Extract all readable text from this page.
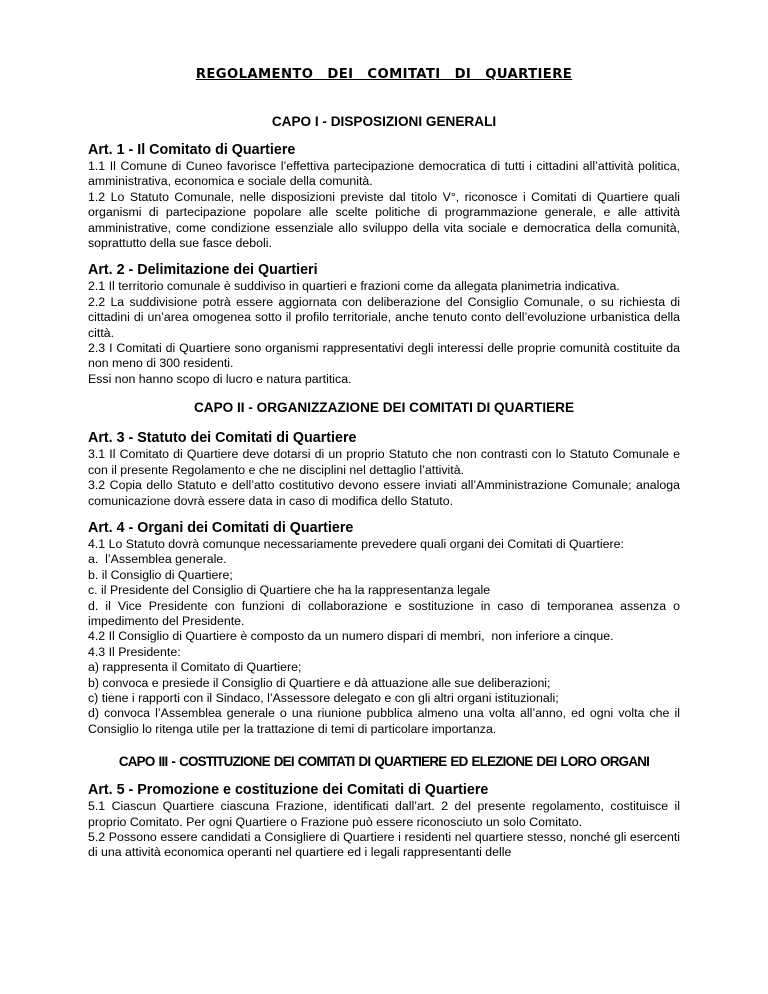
REGOLAMENTO  DEI  COMITATI  DI  QUARTIERE
CAPO I - DISPOSIZIONI GENERALI
Art. 1 - Il Comitato di Quartiere

1.1 Il Comune di Cuneo favorisce l’effettiva partecipazione democratica di tutti i cittadini all’attività politica, amministrativa, economica e sociale della comunità.

1.2 Lo Statuto Comunale, nelle disposizioni previste dal titolo V°, riconosce i Comitati di Quartiere quali organismi di partecipazione popolare alle scelte politiche di programmazione generale, e alle attività amministrative, come condizione essenziale allo sviluppo della vita sociale e democratica della comunità, soprattutto della sue fasce deboli.

Art. 2 - Delimitazione dei Quartieri

2.1 Il territorio comunale è suddiviso in quartieri e frazioni come da allegata planimetria indicativa.

2.2 La suddivisione potrà essere aggiornata con deliberazione del Consiglio Comunale, o su richiesta di cittadini di un’area omogenea sotto il profilo territoriale, anche tenuto conto dell’evoluzione urbanistica della città.

2.3 I Comitati di Quartiere sono organismi rappresentativi degli interessi delle proprie comunità costituite da non meno di 300 residenti.

Essi non hanno scopo di lucro e natura partitica.

CAPO II - ORGANIZZAZIONE DEI COMITATI DI QUARTIERE
Art. 3 - Statuto dei Comitati di Quartiere

3.1 Il Comitato di Quartiere deve dotarsi di un proprio Statuto che non contrasti con lo Statuto Comunale e con il presente Regolamento e che ne disciplini nel dettaglio l’attività.

3.2 Copia dello Statuto e dell’atto costitutivo devono essere inviati all’Amministrazione Comunale; analoga comunicazione dovrà essere data in caso di modifica dello Statuto.

Art. 4 - Organi dei Comitati di Quartiere

4.1 Lo Statuto dovrà comunque necessariamente prevedere quali organi dei Comitati di Quartiere:

a.  l’Assemblea generale.

b. il Consiglio di Quartiere;

c. il Presidente del Consiglio di Quartiere che ha la rappresentanza legale

d. il Vice Presidente con funzioni di collaborazione e sostituzione in caso di temporanea assenza o impedimento del Presidente.

4.2 Il Consiglio di Quartiere è composto da un numero dispari di membri,  non inferiore a cinque.

4.3 Il Presidente:

a) rappresenta il Comitato di Quartiere;

b) convoca e presiede il Consiglio di Quartiere e dà attuazione alle sue deliberazioni;

c) tiene i rapporti con il Sindaco, l’Assessore delegato e con gli altri organi istituzionali;

d) convoca l’Assemblea generale o una riunione pubblica almeno una volta all’anno, ed ogni volta che il Consiglio lo ritenga utile per la trattazione di temi di particolare importanza.

CAPO III - COSTITUZIONE DEI COMITATI DI QUARTIERE ED ELEZIONE DEI LORO ORGANI
Art. 5 - Promozione e costituzione dei Comitati di Quartiere

5.1 Ciascun Quartiere ciascuna Frazione, identificati dall’art. 2 del presente regolamento, costituisce il proprio Comitato. Per ogni Quartiere o Frazione può essere riconosciuto un solo Comitato.

5.2 Possono essere candidati a Consigliere di Quartiere i residenti nel quartiere stesso, nonché gli esercenti di una attività economica operanti nel quartiere ed i legali rappresentanti delle
